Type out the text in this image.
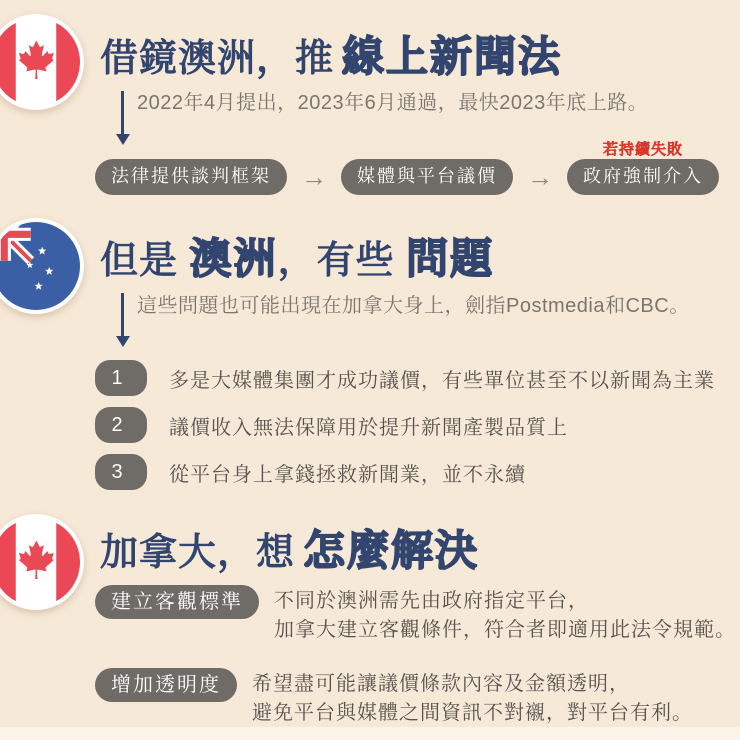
借鏡澳洲，推 線上新聞法

2022年4月提出，2023年6月通過，最快2023年底上路。

法律提供談判框架	→	媒體與平台議價	→
若持續失敗
政府強制介入
但是 澳洲，有些 問題

這些問題也可能出現在加拿大身上，劍指Postmedia和CBC。

1	多是大媒體集團才成功議價，有些單位甚至不以新聞為主業
2	議價收入無法保障用於提升新聞產製品質上
3	從平台身上拿錢拯救新聞業，並不永續
加拿大，想 怎麼解決
建立客觀標準	不同於澳洲需先由政府指定平台，
加拿大建立客觀條件，符合者即適用此法令規範。
增加透明度	希望盡可能讓議價條款內容及金額透明，
避免平台與媒體之間資訊不對襯，對平台有利。
